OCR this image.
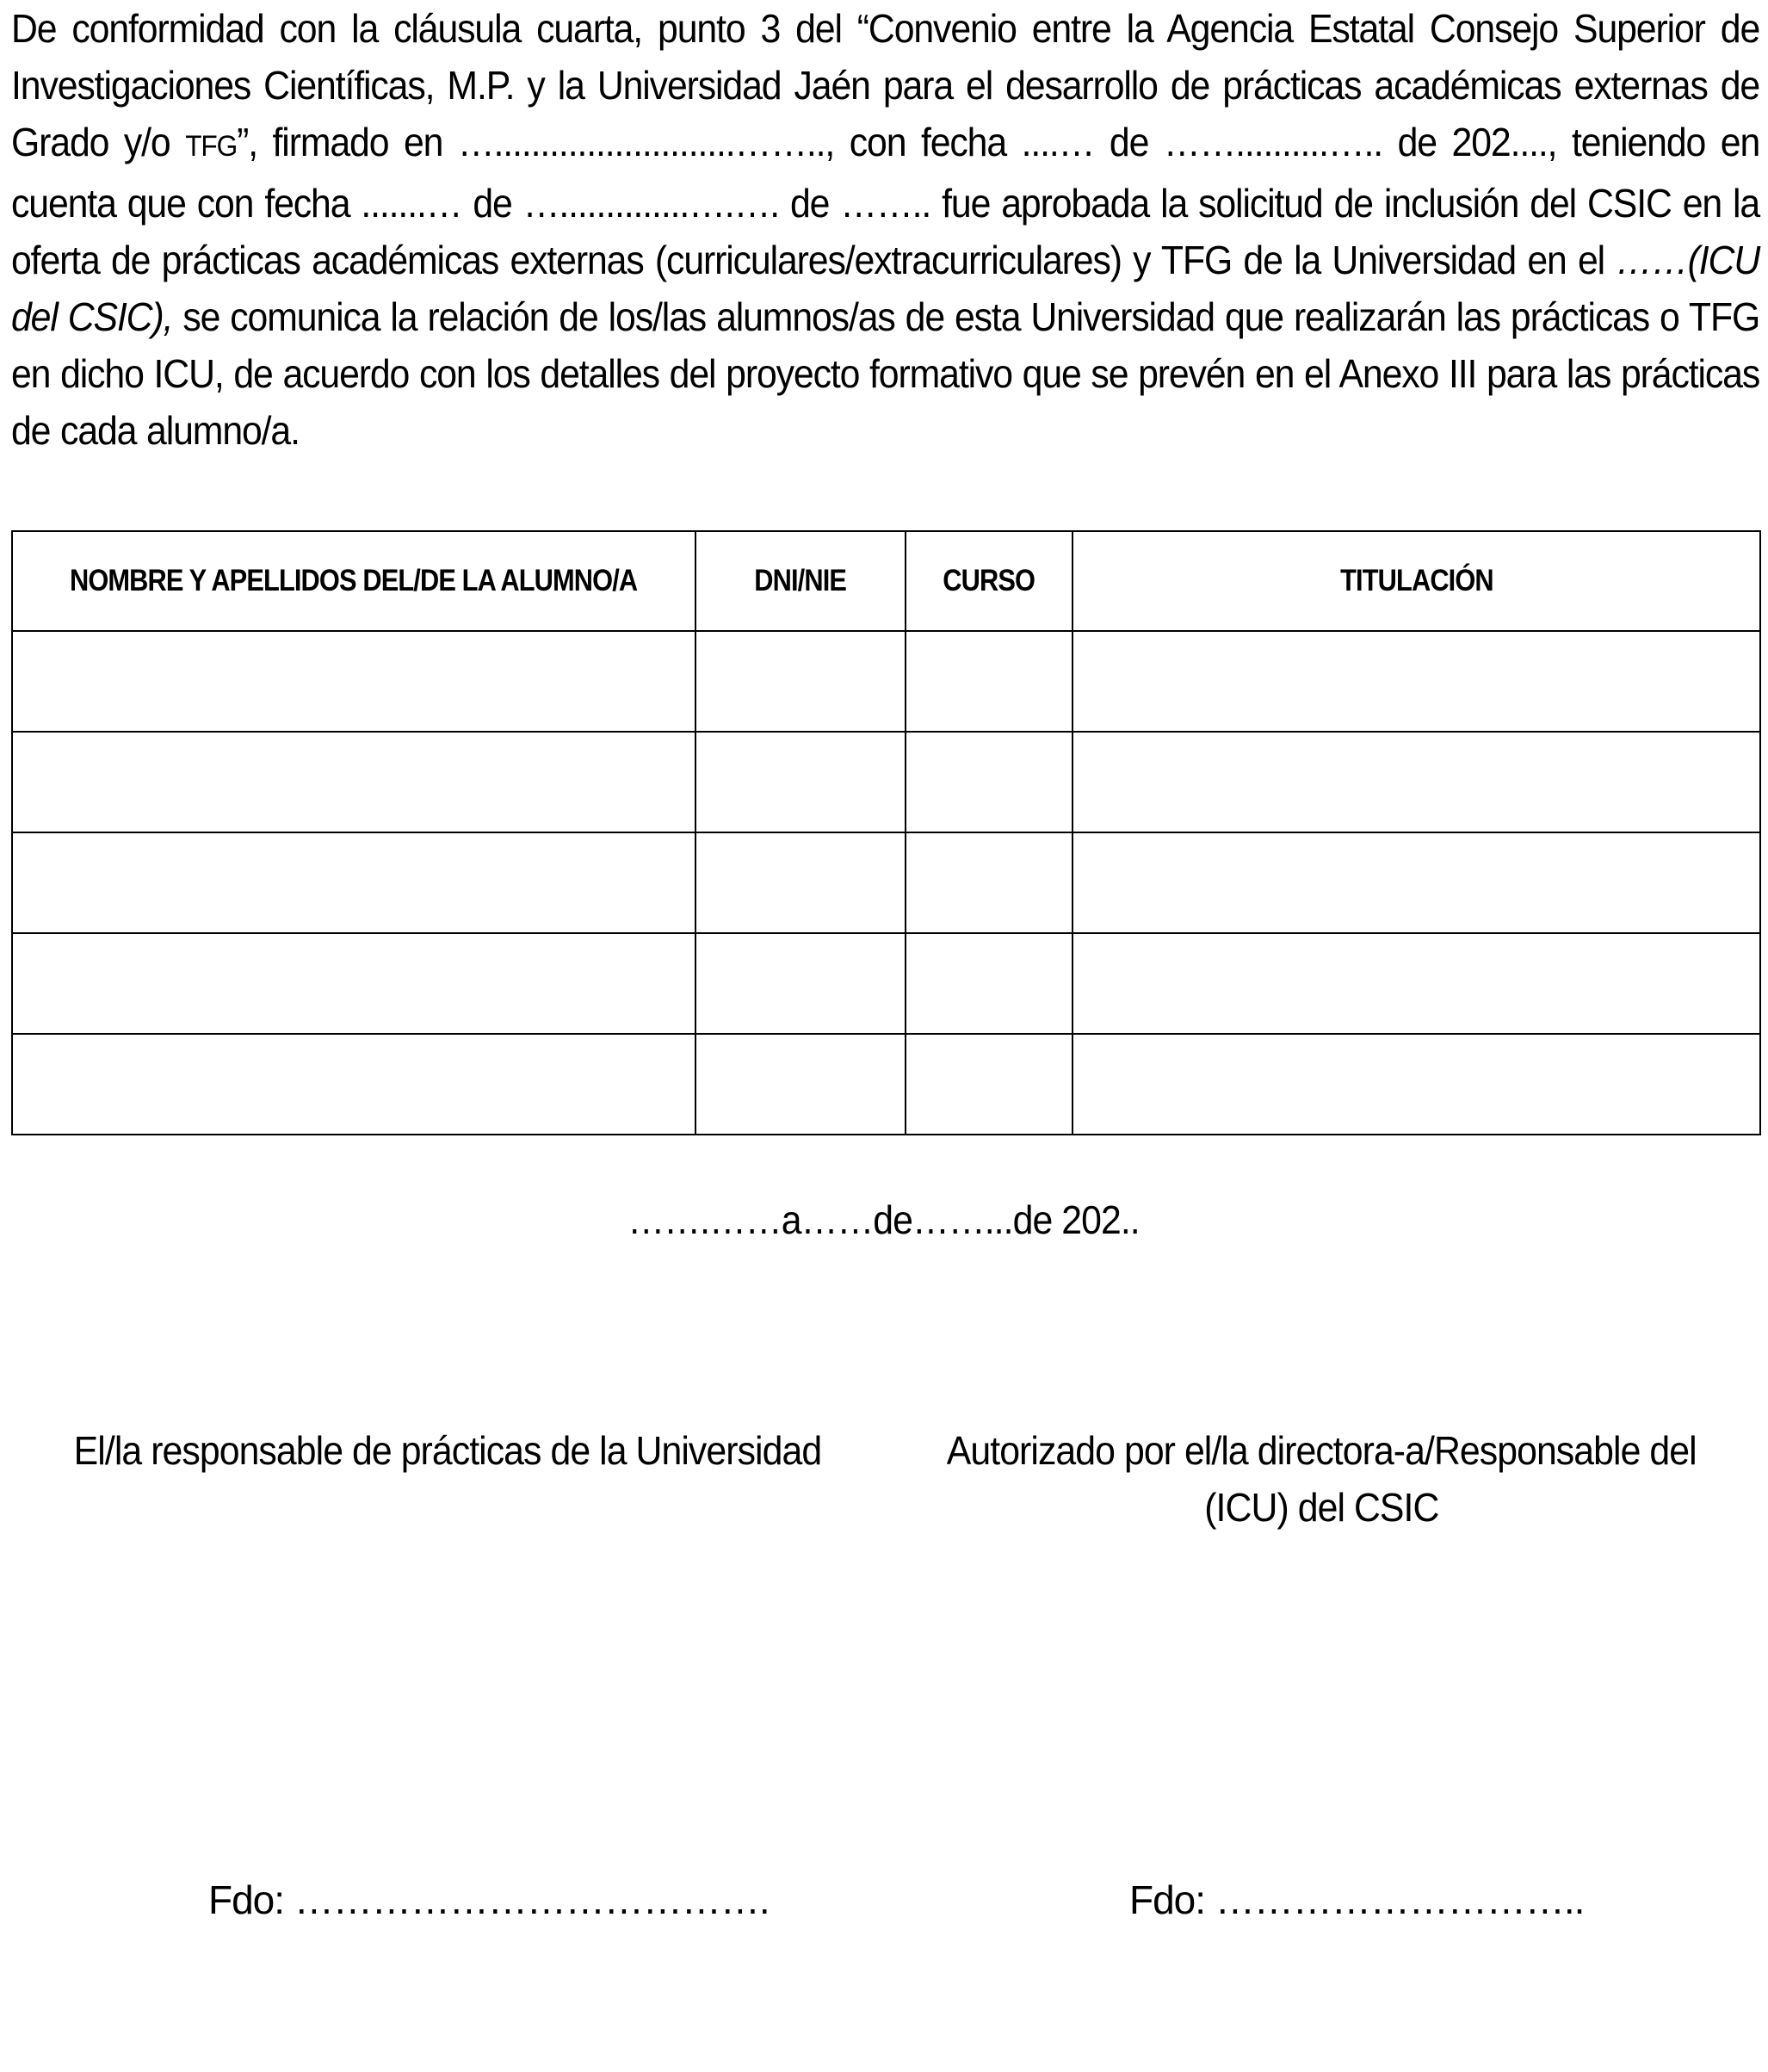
De conformidad con la cláusula cuarta, punto 3 del “Convenio entre la Agencia Estatal Consejo Superior de Investigaciones Científicas, M.P. y la Universidad Jaén para el desarrollo de prácticas académicas externas de Grado y/o TFG”, firmado en …..........................…….., con fecha ....… de ……..........….. de 202...., teniendo en cuenta que con fecha .......… de …..............….…. de …….. fue aprobada la solicitud de inclusión del CSIC en la oferta de prácticas académicas externas (curriculares/extracurriculares) y TFG de la Universidad en el ……(ICU del CSIC), se comunica la relación de los/las alumnos/as de esta Universidad que realizarán las prácticas o TFG en dicho ICU, de acuerdo con los detalles del proyecto formativo que se prevén en el Anexo III para las prácticas de cada alumno/a.
NOMBRE Y APELLIDOS DEL/DE LA ALUMNO/A	DNI/NIE	CURSO	TITULACIÓN

…….……a……de……...de 202..
El/la responsable de prácticas de la Universidad	Autorizado por el/la directora-a/Responsable del
(ICU) del CSIC
Fdo: ……………………………….	Fdo: ………………………..
